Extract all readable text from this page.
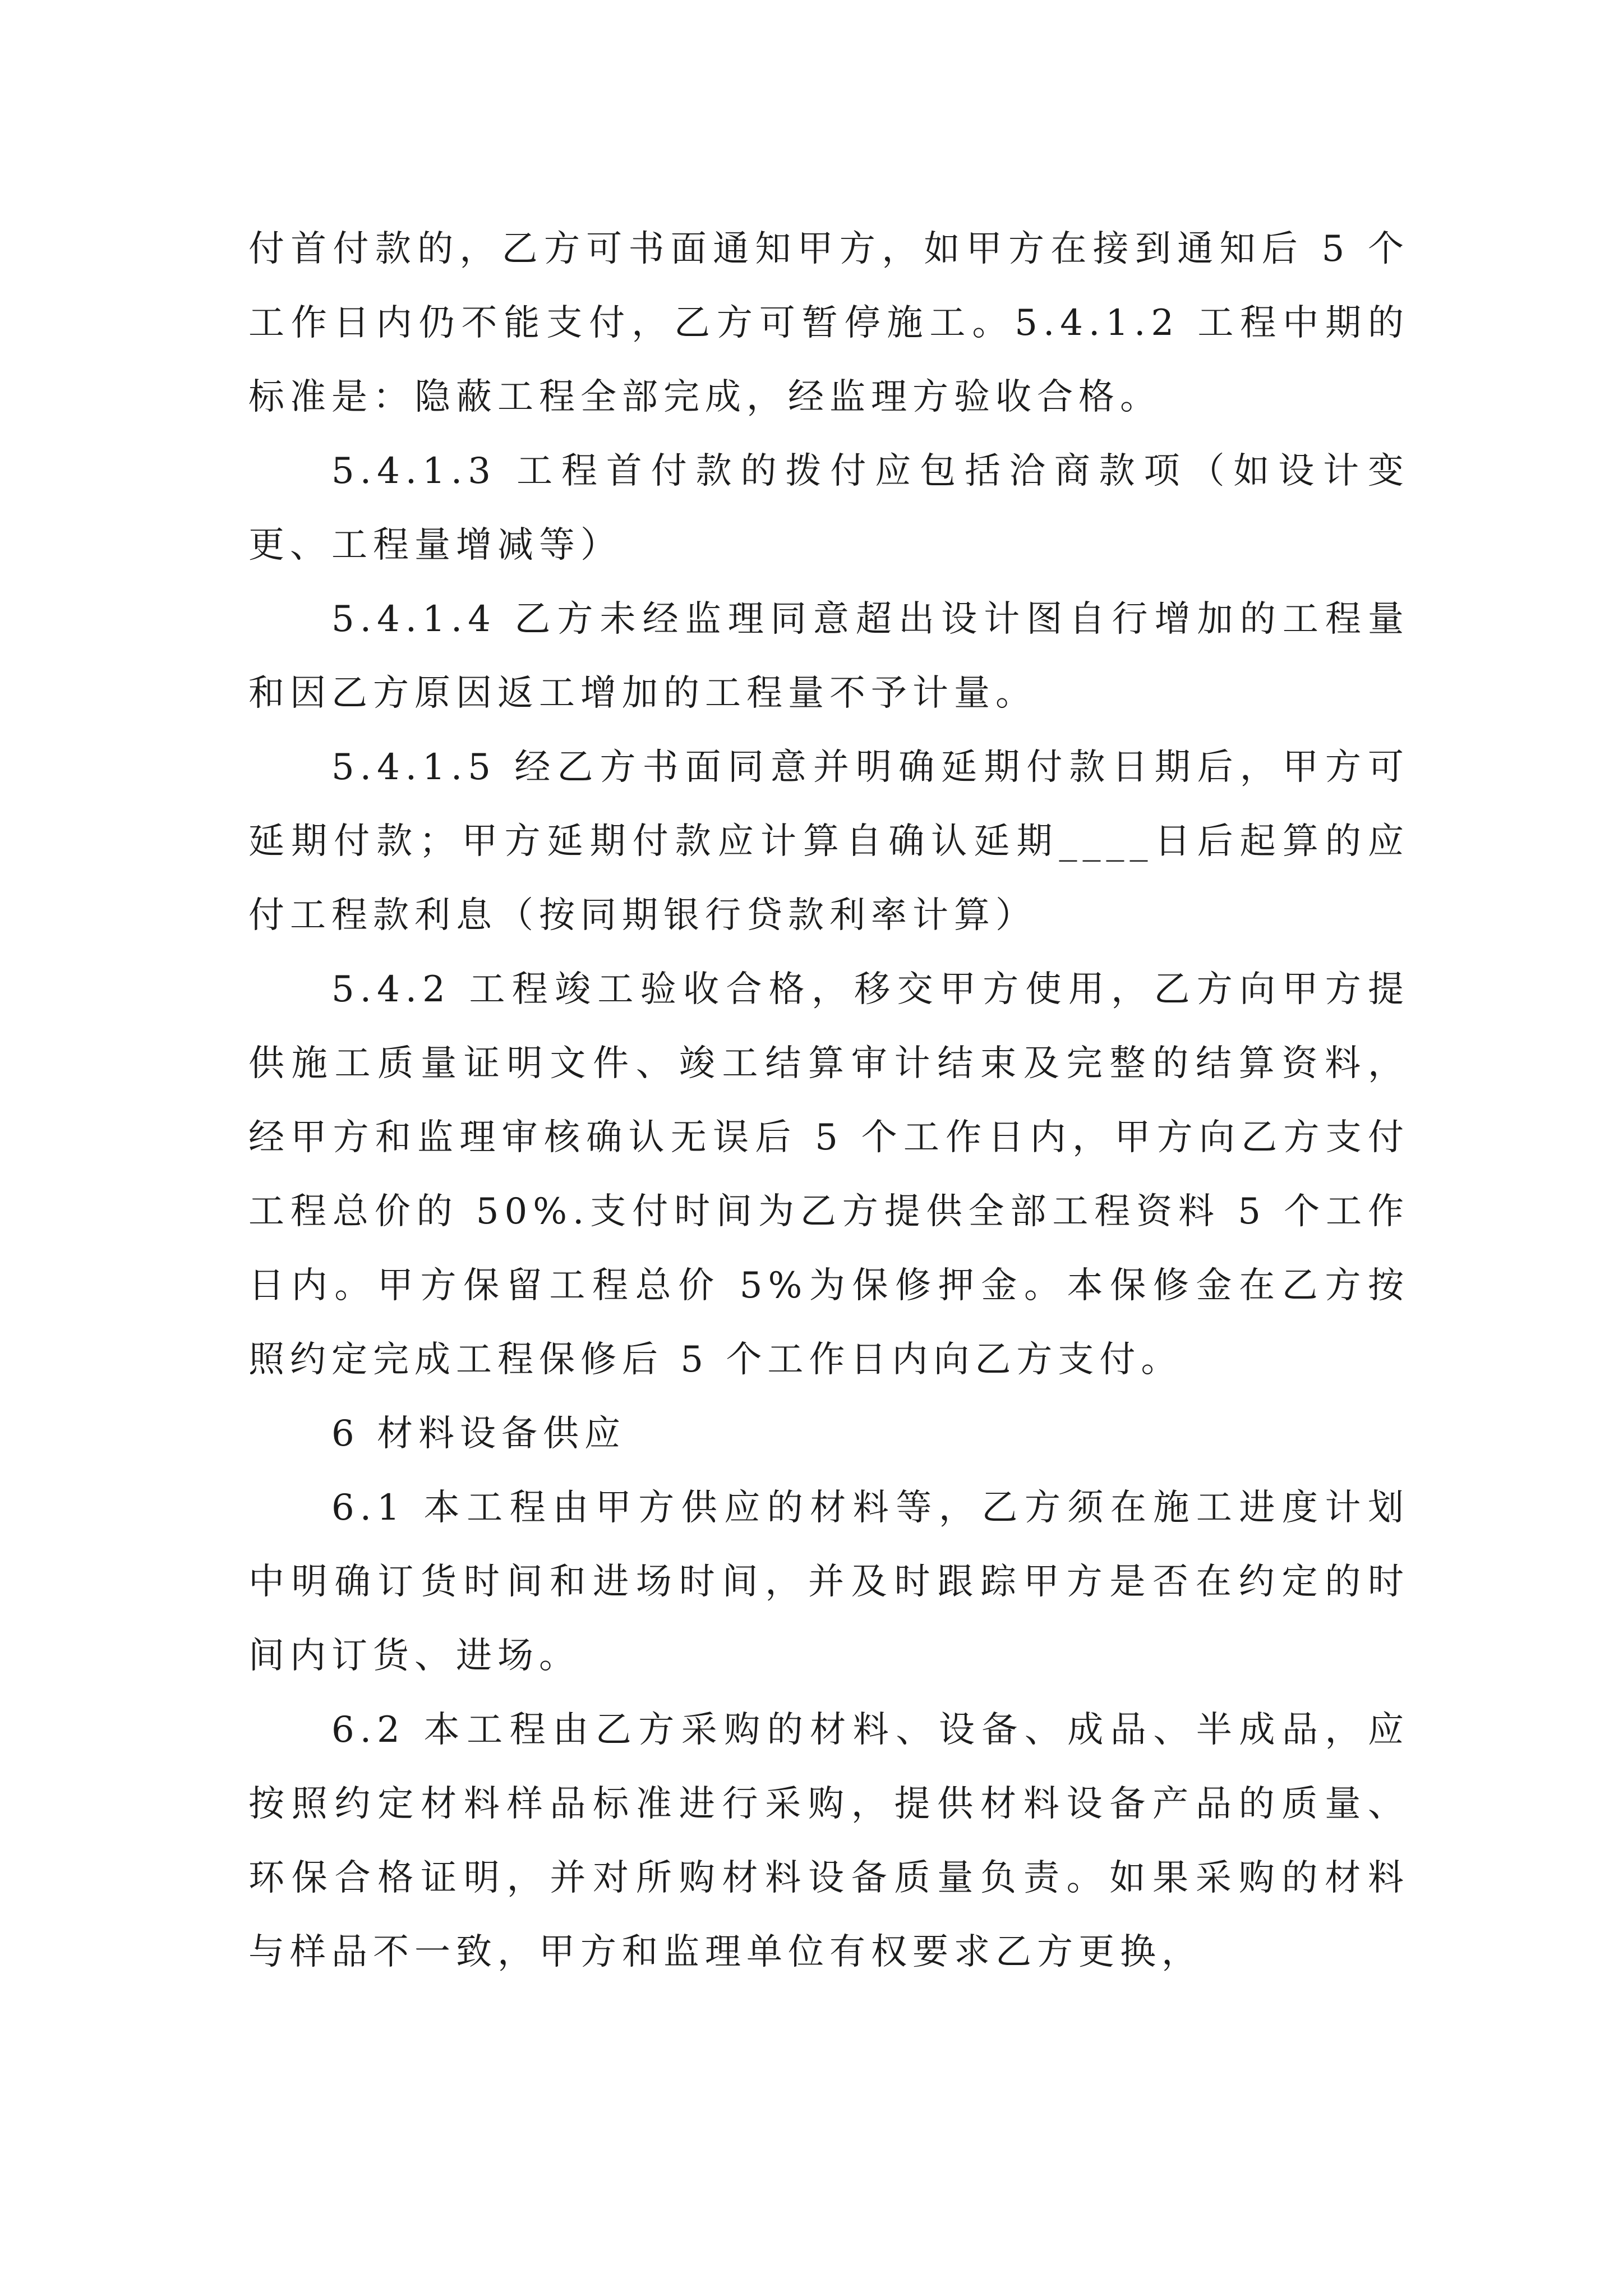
付首付款的，乙方可书面通知甲方，如甲方在接到通知后 5 个工作日内仍不能支付，乙方可暂停施工。5.4.1.2 工程中期的标准是：隐蔽工程全部完成，经监理方验收合格。

5.4.1.3 工程首付款的拨付应包括洽商款项（如设计变更、工程量增减等）

5.4.1.4 乙方未经监理同意超出设计图自行增加的工程量和因乙方原因返工增加的工程量不予计量。

5.4.1.5 经乙方书面同意并明确延期付款日期后，甲方可延期付款；甲方延期付款应计算自确认延期____日后起算的应付工程款利息（按同期银行贷款利率计算）

5.4.2 工程竣工验收合格，移交甲方使用，乙方向甲方提供施工质量证明文件、竣工结算审计结束及完整的结算资料，经甲方和监理审核确认无误后 5 个工作日内，甲方向乙方支付工程总价的 50%.支付时间为乙方提供全部工程资料 5 个工作日内。甲方保留工程总价 5%为保修押金。本保修金在乙方按照约定完成工程保修后 5 个工作日内向乙方支付。

6 材料设备供应

6.1 本工程由甲方供应的材料等，乙方须在施工进度计划中明确订货时间和进场时间，并及时跟踪甲方是否在约定的时间内订货、进场。

6.2 本工程由乙方采购的材料、设备、成品、半成品，应按照约定材料样品标准进行采购，提供材料设备产品的质量、环保合格证明，并对所购材料设备质量负责。如果采购的材料与样品不一致，甲方和监理单位有权要求乙方更换，
